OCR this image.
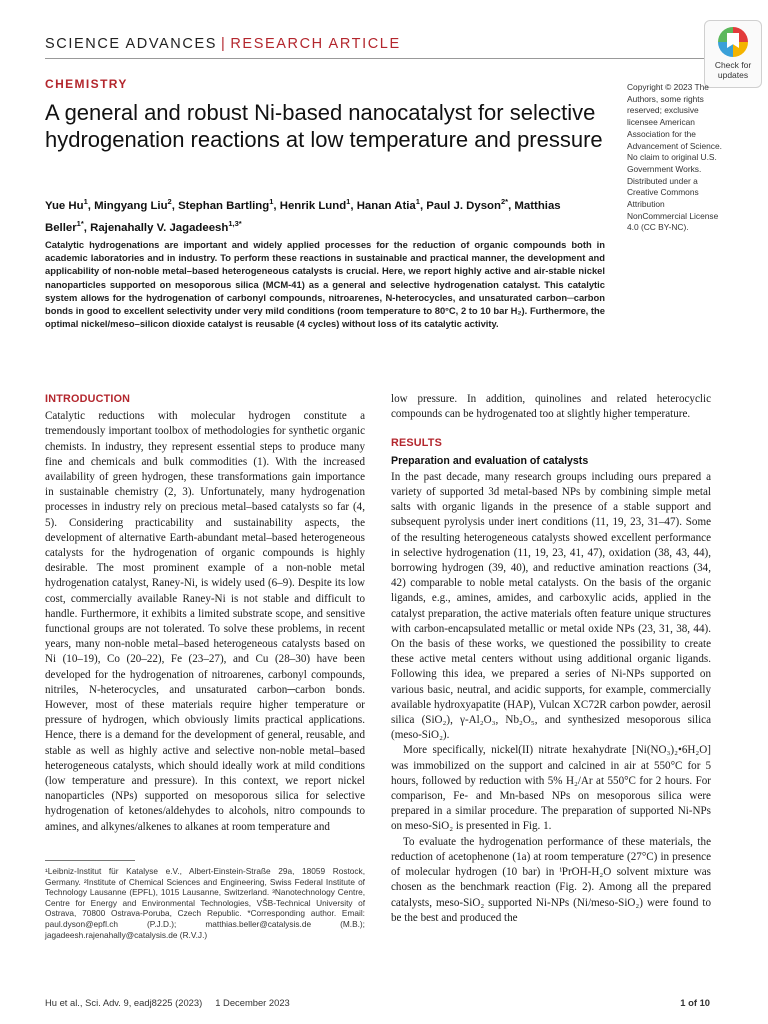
SCIENCE ADVANCES | RESEARCH ARTICLE
Check for
updates
CHEMISTRY
A general and robust Ni-based nanocatalyst for selective hydrogenation reactions at low temperature and pressure
Copyright © 2023 The Authors, some rights reserved; exclusive licensee American Association for the Advancement of Science. No claim to original U.S. Government Works. Distributed under a Creative Commons Attribution NonCommercial License 4.0 (CC BY-NC).
Yue Hu$^1$, Mingyang Liu$^2$, Stephan Bartling$^1$, Henrik Lund$^1$, Hanan Atia$^1$, Paul J. Dyson$^{2*}$, Matthias Beller$^{1*}$, Rajenahally V. Jagadeesh$^{1,3*}$
Catalytic hydrogenations are important and widely applied processes for the reduction of organic compounds both in academic laboratories and in industry. To perform these reactions in sustainable and practical manner, the development and applicability of non-noble metal–based heterogeneous catalysts is crucial. Here, we report highly active and air-stable nickel nanoparticles supported on mesoporous silica (MCM-41) as a general and selective hydrogenation catalyst. This catalytic system allows for the hydrogenation of carbonyl compounds, nitroarenes, N-heterocycles, and unsaturated carbon─carbon bonds in good to excellent selectivity under very mild conditions (room temperature to 80°C, 2 to 10 bar H₂). Furthermore, the optimal nickel/meso–silicon dioxide catalyst is reusable (4 cycles) without loss of its catalytic activity.
INTRODUCTION

Catalytic reductions with molecular hydrogen constitute a tremendously important toolbox of methodologies for synthetic organic chemists. In industry, they represent essential steps to produce many fine and chemicals and bulk commodities (1). With the increased availability of green hydrogen, these transformations gain importance in sustainable chemistry (2, 3). Unfortunately, many hydrogenation processes in industry rely on precious metal–based catalysts so far (4, 5). Considering practicability and sustainability aspects, the development of alternative Earth-abundant metal–based heterogeneous catalysts for the hydrogenation of organic compounds is highly desirable. The most prominent example of a non-noble metal hydrogenation catalyst, Raney-Ni, is widely used (6–9). Despite its low cost, commercially available Raney-Ni is not stable and difficult to handle. Furthermore, it exhibits a limited substrate scope, and sensitive functional groups are not tolerated. To solve these problems, in recent years, many non-noble metal–based heterogeneous catalysts based on Ni (10–19), Co (20–22), Fe (23–27), and Cu (28–30) have been developed for the hydrogenation of nitroarenes, carbonyl compounds, nitriles, N-heterocycles, and unsaturated carbon─carbon bonds. However, most of these materials require higher temperature or pressure of hydrogen, which obviously limits practical applications. Hence, there is a demand for the development of general, reusable, and stable as well as highly active and selective non-noble metal–based heterogeneous catalysts, which should ideally work at mild conditions (low temperature and pressure). In this context, we report nickel nanoparticles (NPs) supported on mesoporous silica for selective hydrogenation of ketones/aldehydes to alcohols, nitro compounds to amines, and alkynes/alkenes to alkanes at room temperature and

low pressure. In addition, quinolines and related heterocyclic compounds can be hydrogenated too at slightly higher temperature.

RESULTS
Preparation and evaluation of catalysts

In the past decade, many research groups including ours prepared a variety of supported 3d metal-based NPs by combining simple metal salts with organic ligands in the presence of a stable support and subsequent pyrolysis under inert conditions (11, 19, 23, 31–47). Some of the resulting heterogeneous catalysts showed excellent performance in selective hydrogenation (11, 19, 23, 41, 47), oxidation (38, 43, 44), borrowing hydrogen (39, 40), and reductive amination reactions (34, 42) comparable to noble metal catalysts. On the basis of the organic ligands, e.g., amines, amides, and carboxylic acids, applied in the catalyst preparation, the active materials often feature unique structures with carbon-encapsulated metallic or metal oxide NPs (23, 31, 38, 44). On the basis of these works, we questioned the possibility to create these active metal centers without using additional organic ligands. Following this idea, we prepared a series of Ni-NPs supported on various basic, neutral, and acidic supports, for example, commercially available hydroxyapatite (HAP), Vulcan XC72R carbon powder, aerosil silica (SiO₂), γ-Al₂O₃, Nb₂O₅, and synthesized mesoporous silica (meso-SiO₂).

More specifically, nickel(II) nitrate hexahydrate [Ni(NO₃)₂•6H₂O] was immobilized on the support and calcined in air at 550°C for 5 hours, followed by reduction with 5% H₂/Ar at 550°C for 2 hours. For comparison, Fe- and Mn-based NPs on mesoporous silica were prepared in a similar procedure. The preparation of supported Ni-NPs on meso-SiO₂ is presented in Fig. 1.

To evaluate the hydrogenation performance of these materials, the reduction of acetophenone (1a) at room temperature (27°C) in presence of molecular hydrogen (10 bar) in ⁱPrOH-H₂O solvent mixture was chosen as the benchmark reaction (Fig. 2). Among all the prepared catalysts, meso-SiO₂ supported Ni-NPs (Ni/meso-SiO₂) were found to be the best and produced the

¹Leibniz-Institut für Katalyse e.V., Albert-Einstein-Straße 29a, 18059 Rostock, Germany. ²Institute of Chemical Sciences and Engineering, Swiss Federal Institute of Technology Lausanne (EPFL), 1015 Lausanne, Switzerland. ³Nanotechnology Centre, Centre for Energy and Environmental Technologies, VŠB-Technical University of Ostrava, 70800 Ostrava-Poruba, Czech Republic. *Corresponding author. Email: paul.dyson@epfl.ch (P.J.D.); matthias.beller@catalysis.de (M.B.); jagadeesh.rajenahally@catalysis.de (R.V.J.)
Hu et al., Sci. Adv. 9, eadj8225 (2023)     1 December 2023	1 of 10
